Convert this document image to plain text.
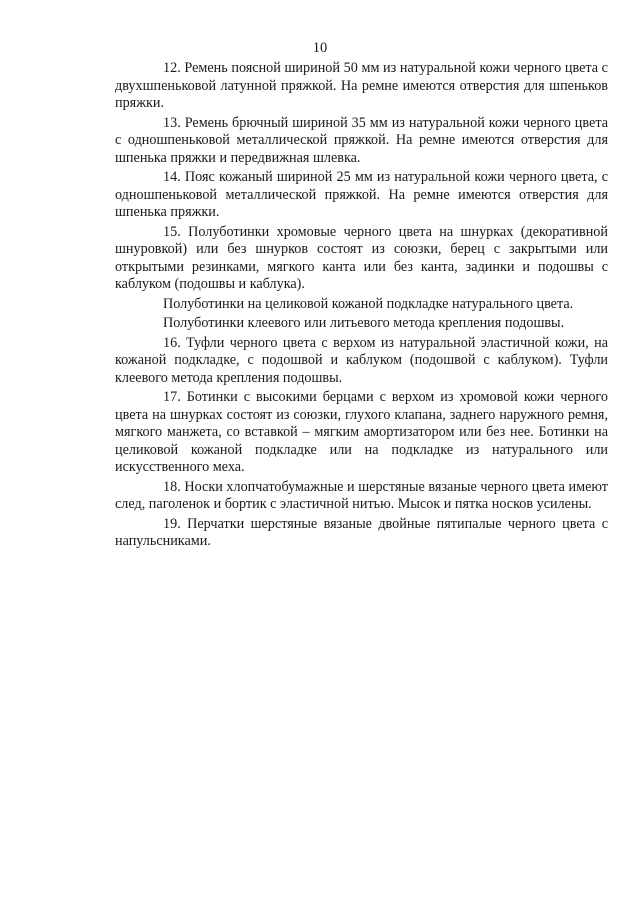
10

12. Ремень поясной шириной 50 мм из натуральной кожи черного цвета с двухшпеньковой латунной пряжкой. На ремне имеются отверстия для шпеньков пряжки.

13. Ремень брючный шириной 35 мм из натуральной кожи черного цвета с одношпеньковой металлической пряжкой. На ремне имеются отверстия для шпенька пряжки и передвижная шлевка.

14. Пояс кожаный шириной 25 мм из натуральной кожи черного цвета, с одношпеньковой металлической пряжкой. На ремне имеются отверстия для шпенька пряжки.

15. Полуботинки хромовые черного цвета на шнурках (декоративной шнуровкой) или без шнурков состоят из союзки, берец с закрытыми или открытыми резинками, мягкого канта или без канта, задинки и подошвы с каблуком (подошвы и каблука).

Полуботинки на целиковой кожаной подкладке натурального цвета.

Полуботинки клеевого или литьевого метода крепления подошвы.

16. Туфли черного цвета с верхом из натуральной эластичной кожи, на кожаной подкладке, с подошвой и каблуком (подошвой с каблуком). Туфли клеевого метода крепления подошвы.

17. Ботинки с высокими берцами с верхом из хромовой кожи черного цвета на шнурках состоят из союзки, глухого клапана, заднего наружного ремня, мягкого манжета, со вставкой – мягким амортизатором или без нее. Ботинки на целиковой кожаной подкладке или на подкладке из натурального или искусственного меха.

18. Носки хлопчатобумажные и шерстяные вязаные черного цвета имеют след, паголенок и бортик с эластичной нитью. Мысок и пятка носков усилены.

19. Перчатки шерстяные вязаные двойные пятипалые черного цвета с напульсниками.
